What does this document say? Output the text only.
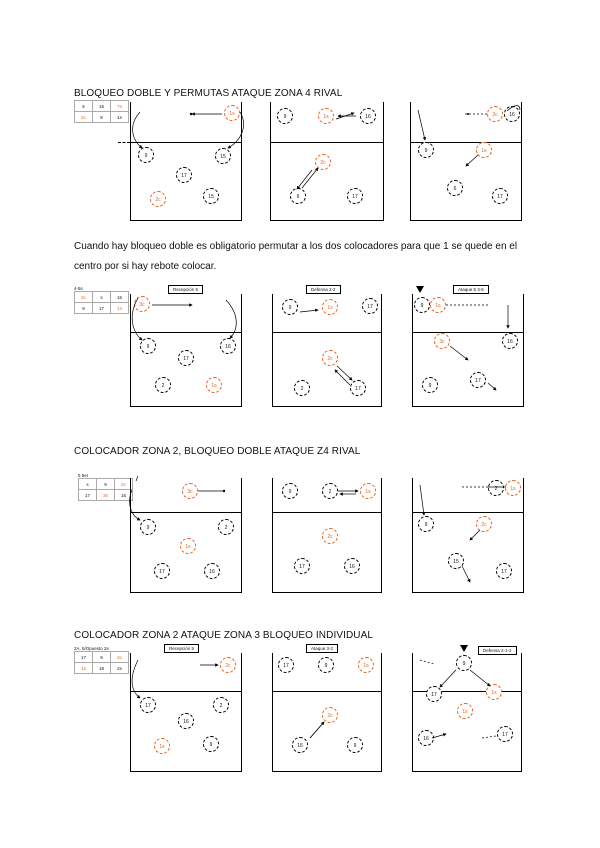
BLOQUEO DOBLE Y PERMUTAS ATAQUE ZONA 4 RIVAL
5	16	7s
2c	8	1s	1s
9	15
17
2c	15
9	1s	16
2c
6	17
2c	16
9	1s
6
17
Cuando hay bloqueo doble es obligatorio permutar a los dos colocadores para que 1 se quede en el centro por si hay rebote colocar.
4-5s
2c	s	16
9	17	1s
Recepción 5
3c
9
17
16
2	1s
Defensa 2-2
9	1s	17
2c
2	17
Ataque 5 3-5
9	1s
3c	16
9
17
COLOCADOR ZONA 2, BLOQUEO DOBLE ATAQUE Z4 RIVAL
5 5er
s	9	2c
17	3s	16	3c
9	2
1s
17	16
9	2	1s
2c
17	16
2	1s
9	2c
15
17
COLOCADOR ZONA 2 ATAQUE ZONA 3 BLOQUEO INDIVIDUAL
2A. 5/Opuesto 2s
17	9	2c
1s	18	2s
Recepción 5
2c
17
16
2
1s	9
Ataque 3-2
17	9	1s
2c
16	9
Defensa 2-1-2
9
17	1s
1s
16
17
